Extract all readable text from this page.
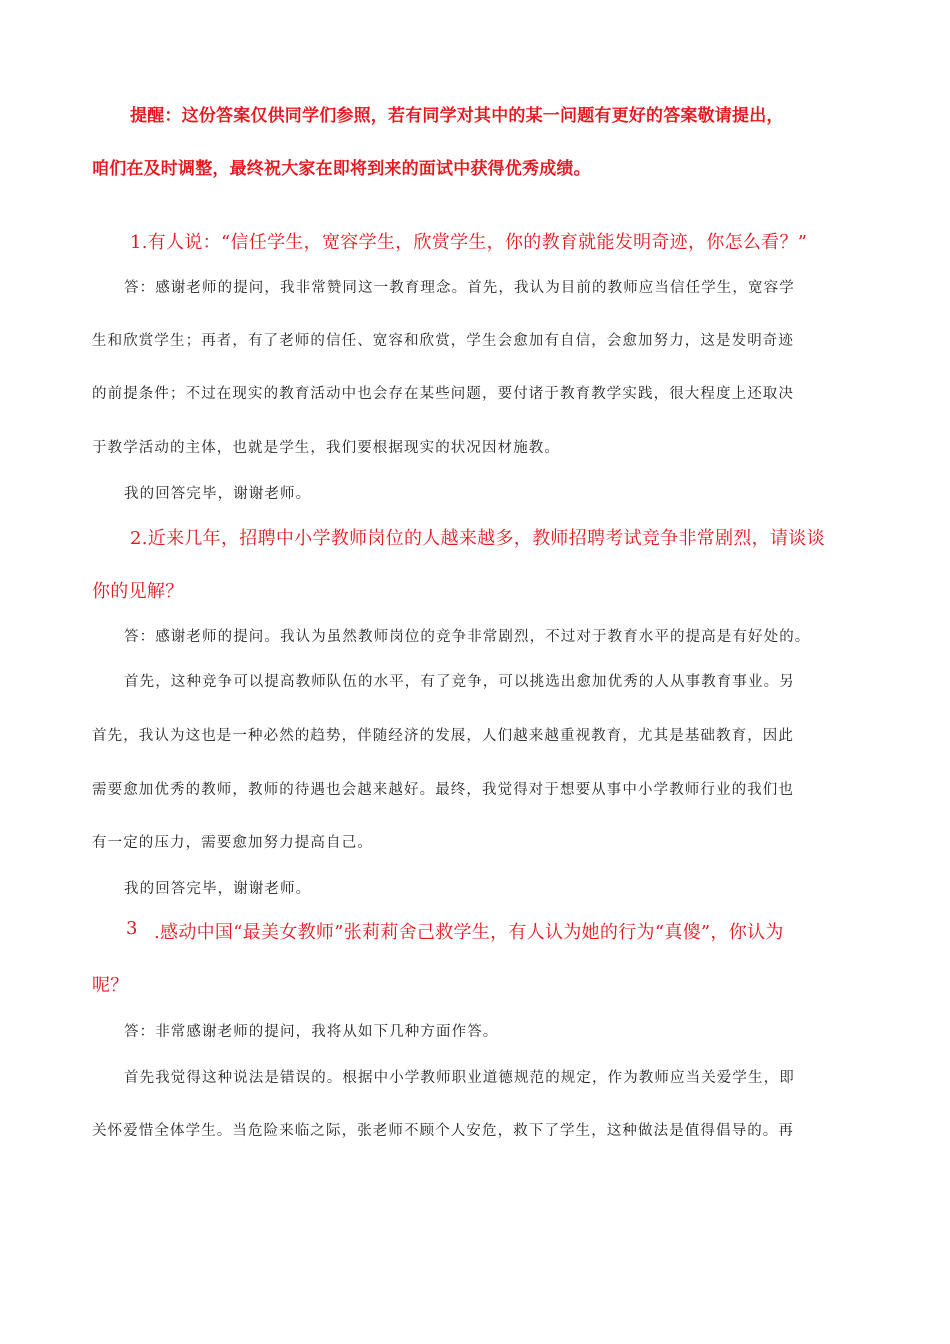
提醒：这份答案仅供同学们参照，若有同学对其中的某一问题有更好的答案敬请提出，
咱们在及时调整，最终祝大家在即将到来的面试中获得优秀成绩。
1.有人说：“信任学生，宽容学生，欣赏学生，你的教育就能发明奇迹，你怎么看？”
答：感谢老师的提问，我非常赞同这一教育理念。首先，我认为目前的教师应当信任学生，宽容学
生和欣赏学生；再者，有了老师的信任、宽容和欣赏，学生会愈加有自信，会愈加努力，这是发明奇迹
的前提条件；不过在现实的教育活动中也会存在某些问题，要付诸于教育教学实践，很大程度上还取决
于教学活动的主体，也就是学生，我们要根据现实的状况因材施教。
我的回答完毕，谢谢老师。
2.近来几年，招聘中小学教师岗位的人越来越多，教师招聘考试竞争非常剧烈，请谈谈
你的见解？
答：感谢老师的提问。我认为虽然教师岗位的竞争非常剧烈，不过对于教育水平的提高是有好处的。
首先，这种竞争可以提高教师队伍的水平，有了竞争，可以挑选出愈加优秀的人从事教育事业。另
首先，我认为这也是一种必然的趋势，伴随经济的发展，人们越来越重视教育，尤其是基础教育，因此
需要愈加优秀的教师，教师的待遇也会越来越好。最终，我觉得对于想要从事中小学教师行业的我们也
有一定的压力，需要愈加努力提高自己。
我的回答完毕，谢谢老师。
3 .感动中国“最美女教师”张莉莉舍己救学生，有人认为她的行为“真傻”，你认为
呢？
答：非常感谢老师的提问，我将从如下几种方面作答。
首先我觉得这种说法是错误的。根据中小学教师职业道德规范的规定，作为教师应当关爱学生，即
关怀爱惜全体学生。当危险来临之际，张老师不顾个人安危，救下了学生，这种做法是值得倡导的。再
